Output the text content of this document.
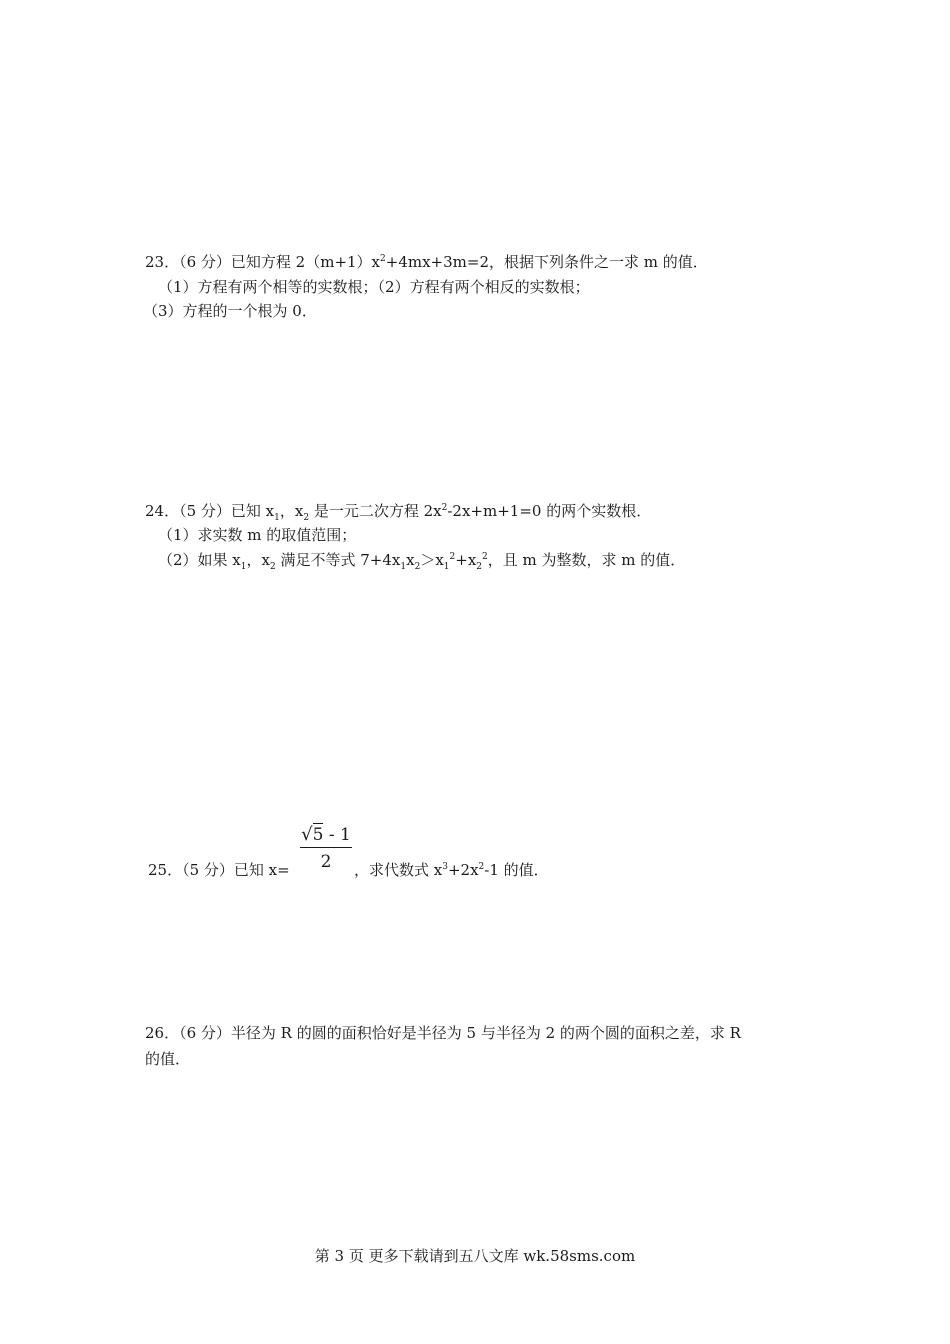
23．（6 分）已知方程 $2(m+1)x^2+4mx+3m=2$，根据下列条件之一求 m 的值．
（1）方程有两个相等的实数根；（2）方程有两个相反的实数根；
（3）方程的一个根为 0．
24．（5 分）已知 $x_1$，$x_2$ 是一元二次方程 $2x^2-2x+m+1=0$ 的两个实数根．
（1）求实数 m 的取值范围；
（2）如果 $x_1$，$x_2$ 满足不等式 $7+4x_1x_2>x_1^2+x_2^2$，且 m 为整数，求 m 的值．
25．（5 分）已知 $x= \frac{√5 - 1}{2}$ ，求代数式 $x^3+2x^2-1$ 的值．
26．（6 分）半径为 R 的圆的面积恰好是半径为 5 与半径为 2 的两个圆的面积之差，求 R
的值．
第 3 页 更多下载请到五八文库 wk.58sms.com
